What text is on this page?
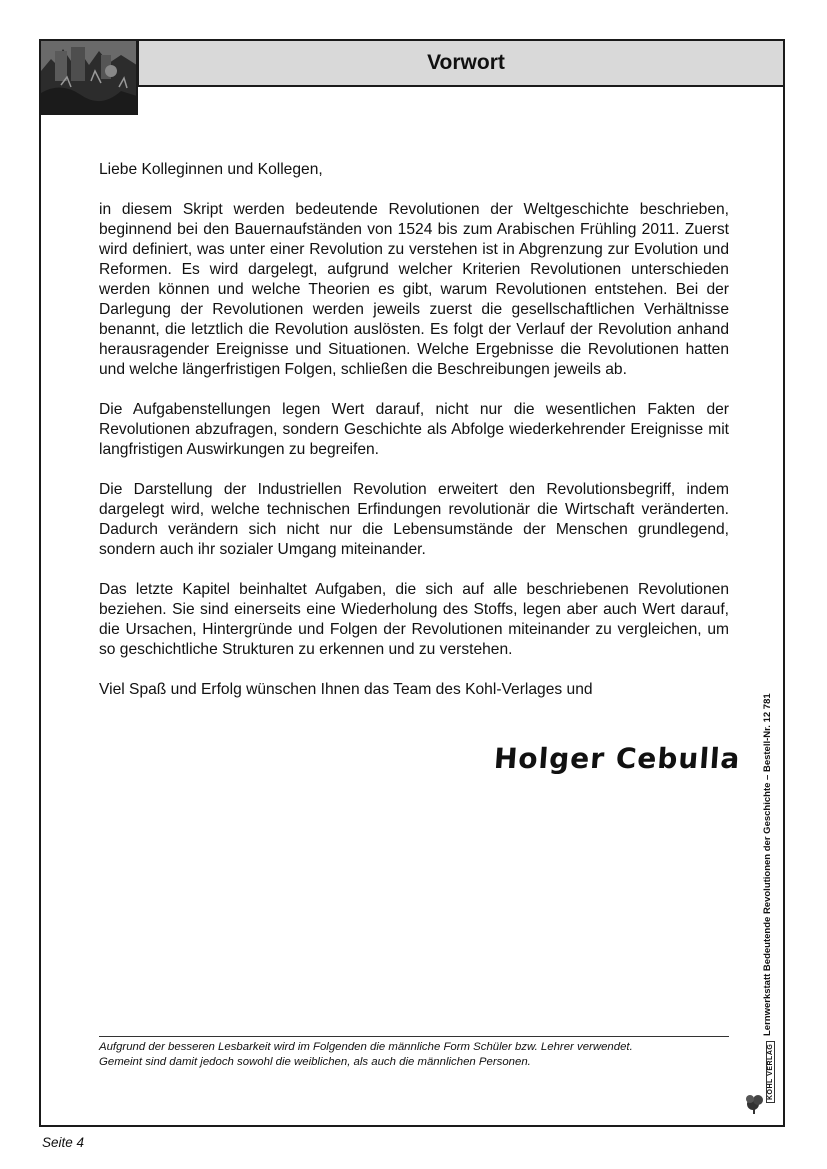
Vorwort

Liebe Kolleginnen und Kollegen,

in diesem Skript werden bedeutende Revolutionen der Weltgeschichte beschrieben, beginnend bei den Bauernaufständen von 1524 bis zum Arabischen Frühling 2011. Zuerst wird definiert, was unter einer Revolution zu verstehen ist in Abgrenzung zur Evolution und Reformen. Es wird dargelegt, aufgrund welcher Kriterien Revolutionen unterschieden werden können und welche Theorien es gibt, warum Revolutionen entstehen. Bei der Darlegung der Revolutionen werden jeweils zuerst die gesellschaftlichen Verhältnisse benannt, die letztlich die Revolution auslösten. Es folgt der Verlauf der Revolution anhand herausragender Ereignisse und Situationen. Welche Ergebnisse die Revolutionen hatten und welche längerfristigen Folgen, schließen die Beschreibungen jeweils ab.

Die Aufgabenstellungen legen Wert darauf, nicht nur die wesentlichen Fakten der Revolutionen abzufragen, sondern Geschichte als Abfolge wiederkehrender Ereignisse mit langfristigen Auswirkungen zu begreifen.

Die Darstellung der Industriellen Revolution erweitert den Revolutionsbegriff, indem dargelegt wird, welche technischen Erfindungen revolutionär die Wirtschaft veränderten. Dadurch verändern sich nicht nur die Lebensumstände der Menschen grundlegend, sondern auch ihr sozialer Umgang miteinander.

Das letzte Kapitel beinhaltet Aufgaben, die sich auf alle beschriebenen Revolutionen beziehen. Sie sind einerseits eine Wiederholung des Stoffs, legen aber auch Wert darauf, die Ursachen, Hintergründe und Folgen der Revolutionen miteinander zu vergleichen, um so geschichtliche Strukturen zu erkennen und zu verstehen.

Viel Spaß und Erfolg wünschen Ihnen das Team des Kohl-Verlages und

Holger Cebulla
Aufgrund der besseren Lesbarkeit wird im Folgenden die männliche Form Schüler bzw. Lehrer verwendet.
Gemeint sind damit jedoch sowohl die weiblichen, als auch die männlichen Personen.
Lernwerkstatt Bedeutende Revolutionen der Geschichte – Bestell-Nr. 12 781
KOHL VERLAG
Seite 4
